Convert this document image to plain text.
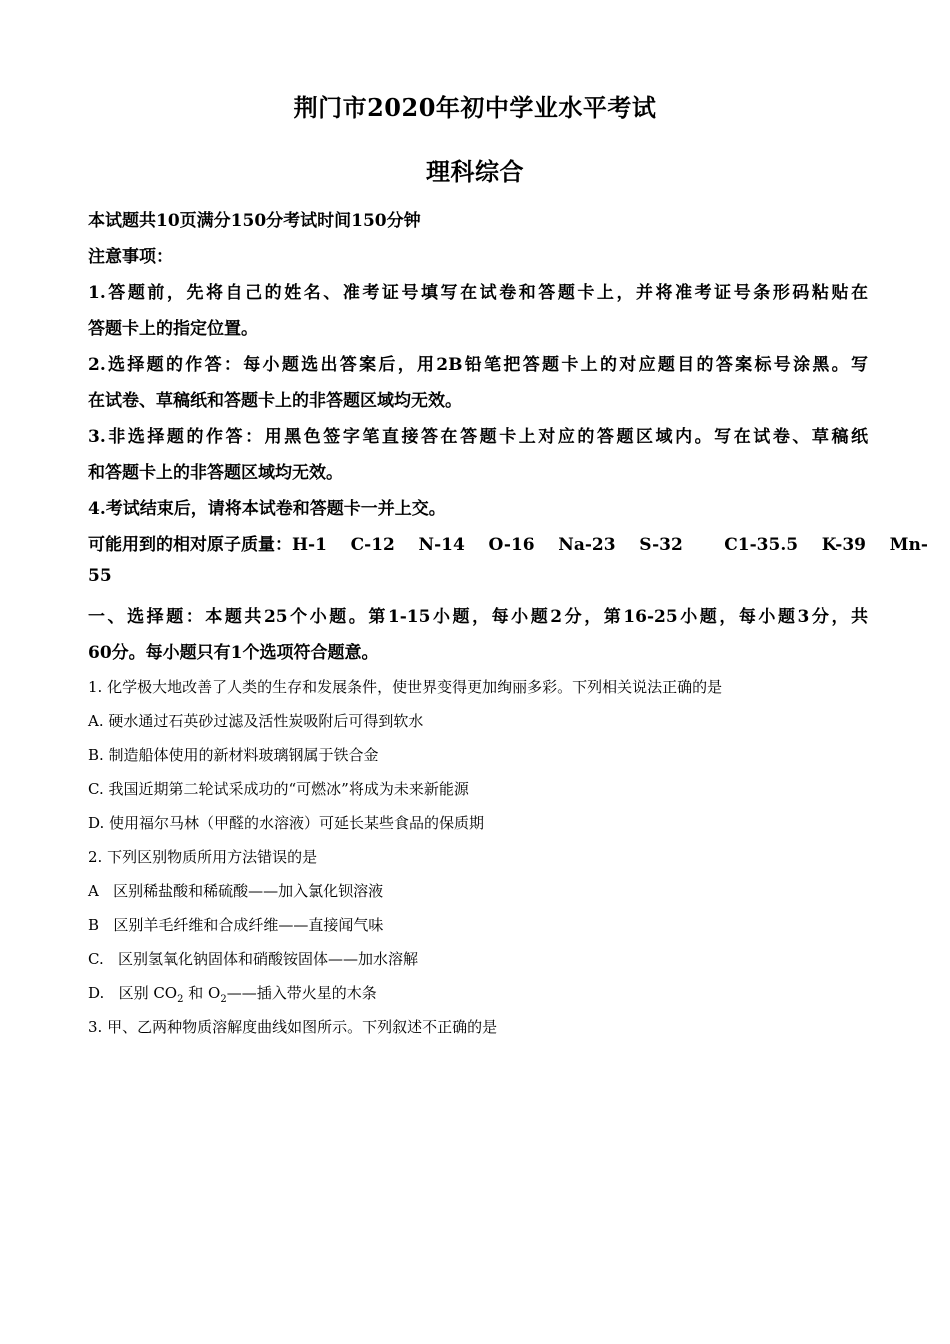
荆门市2020年初中学业水平考试
理科综合
本试题共10页满分150分考试时间150分钟
注意事项：
1.答题前，先将自己的姓名、准考证号填写在试卷和答题卡上，并将准考证号条形码粘贴在
答题卡上的指定位置。
2.选择题的作答：每小题选出答案后，用2B铅笔把答题卡上的对应题目的答案标号涂黑。写
在试卷、草稿纸和答题卡上的非答题区域均无效。
3.非选择题的作答：用黑色签字笔直接答在答题卡上对应的答题区域内。写在试卷、草稿纸
和答题卡上的非答题区域均无效。
4.考试结束后，请将本试卷和答题卡一并上交。
可能用到的相对原子质量：H-1    C-12    N-14    O-16    Na-23    S-32       C1-35.5    K-39    Mn-
55
一、选择题：本题共25个小题。第1-15小题，每小题2分，第16-25小题，每小题3分，共
60分。每小题只有1个选项符合题意。
1. 化学极大地改善了人类的生存和发展条件，使世界变得更加绚丽多彩。下列相关说法正确的是
A. 硬水通过石英砂过滤及活性炭吸附后可得到软水
B. 制造船体使用的新材料玻璃钢属于铁合金
C. 我国近期第二轮试采成功的“可燃冰”将成为未来新能源
D. 使用福尔马林（甲醛的水溶液）可延长某些食品的保质期
2. 下列区别物质所用方法错误的是
A   区别稀盐酸和稀硫酸——加入氯化钡溶液
B   区别羊毛纤维和合成纤维——直接闻气味
C.   区别氢氧化钠固体和硝酸铵固体——加水溶解
D.   区别 $CO_2$ 和 $O_2——$插入带火星的木条
3. 甲、乙两种物质溶解度曲线如图所示。下列叙述不正确的是
